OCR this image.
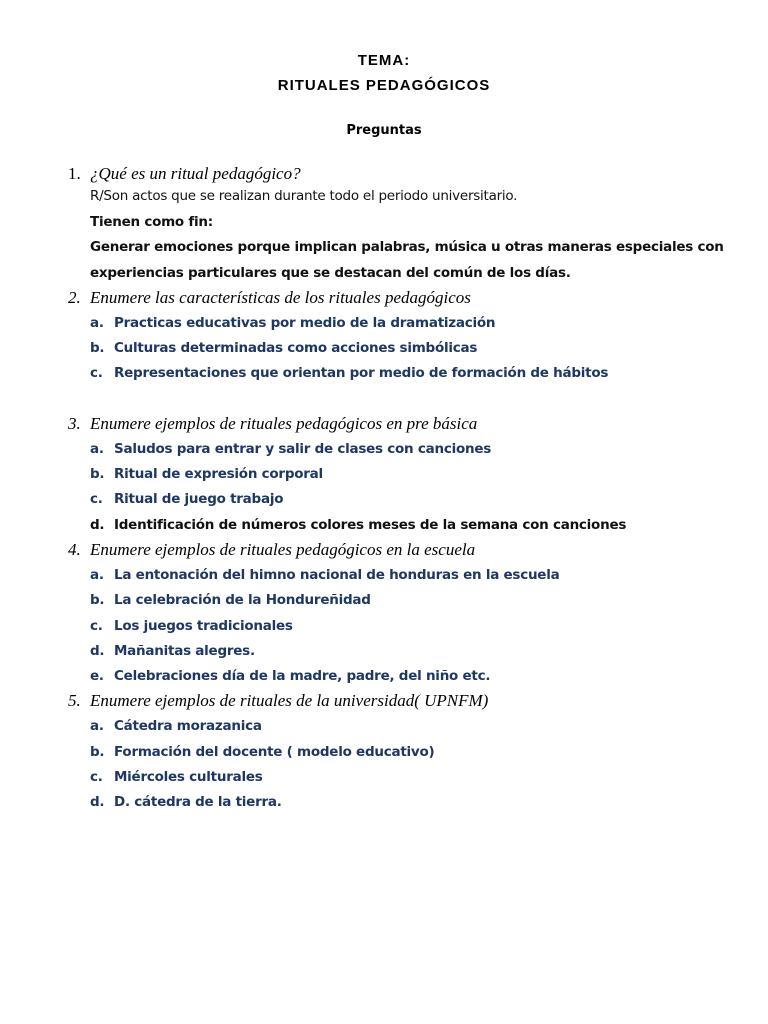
TEMA:
RITUALES PEDAGÓGICOS
Preguntas
1. ¿Qué es un ritual pedagógico?
R/Son actos que se realizan durante todo el periodo universitario.
Tienen como fin:
Generar emociones porque implican palabras, música u otras maneras especiales con
experiencias particulares que se destacan del común de los días.
2. Enumere las características de los rituales pedagógicos
a. Practicas educativas por medio de la dramatización
b. Culturas determinadas como acciones simbólicas
c. Representaciones que orientan por medio de formación de hábitos
3. Enumere ejemplos de rituales pedagógicos en pre básica
a. Saludos para entrar y salir de clases con canciones
b. Ritual de expresión corporal
c. Ritual de juego trabajo
d. Identificación de números colores meses de la semana con canciones
4. Enumere ejemplos de rituales pedagógicos en la escuela
a. La entonación del himno nacional de honduras en la escuela
b. La celebración de la Hondureñidad
c. Los juegos tradicionales
d. Mañanitas alegres.
e. Celebraciones día de la madre, padre, del niño etc.
5. Enumere ejemplos de rituales de la universidad( UPNFM)
a. Cátedra morazanica
b. Formación del docente ( modelo educativo)
c. Miércoles culturales
d. D. cátedra de la tierra.
